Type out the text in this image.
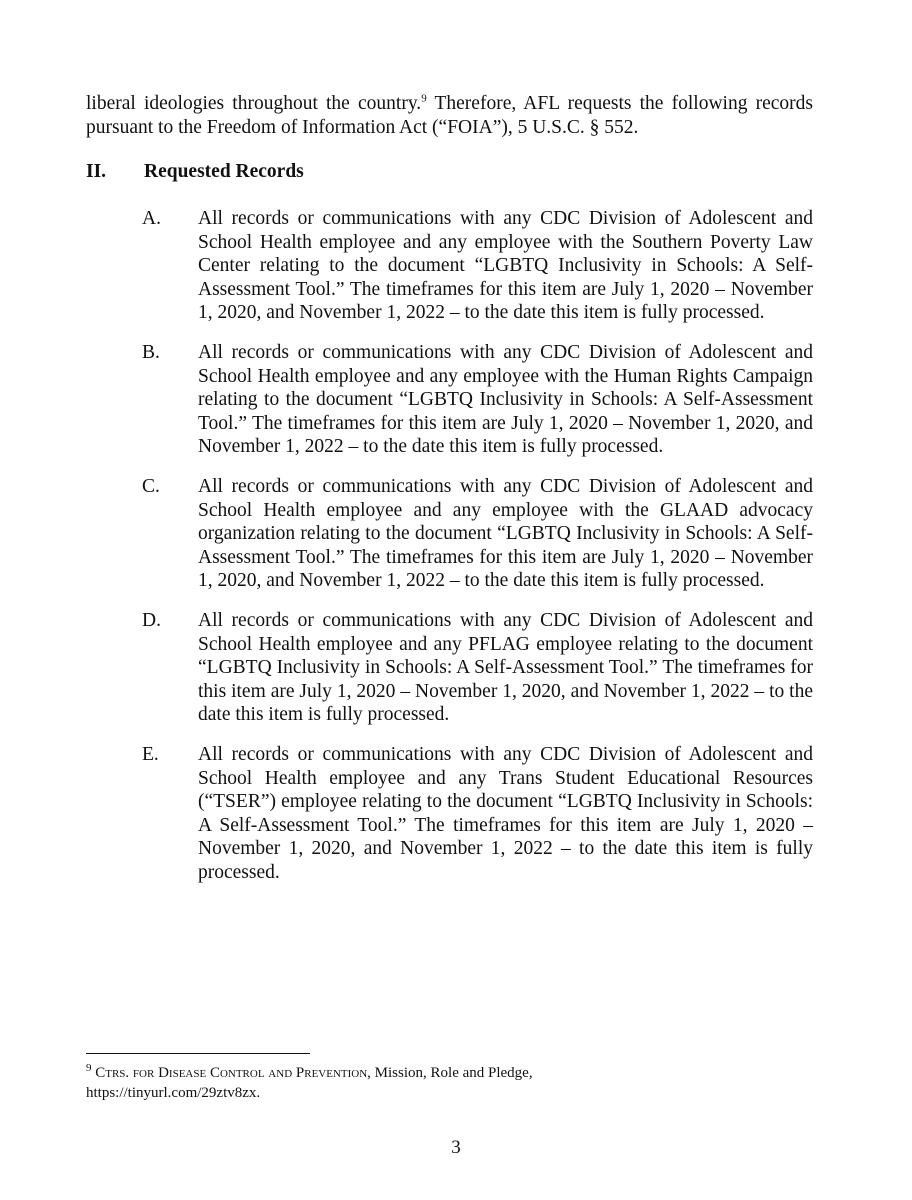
liberal ideologies throughout the country.$^9$ Therefore, AFL requests the following records pursuant to the Freedom of Information Act (“FOIA”), 5 U.S.C. § 552.

II. Requested Records
A. All records or communications with any CDC Division of Adolescent and School Health employee and any employee with the Southern Poverty Law Center relating to the document “LGBTQ Inclusivity in Schools: A Self-Assessment Tool.” The timeframes for this item are July 1, 2020 – November 1, 2020, and November 1, 2022 – to the date this item is fully processed.
B. All records or communications with any CDC Division of Adolescent and School Health employee and any employee with the Human Rights Campaign relating to the document “LGBTQ Inclusivity in Schools: A Self-Assessment Tool.” The timeframes for this item are July 1, 2020 – November 1, 2020, and November 1, 2022 – to the date this item is fully processed.
C. All records or communications with any CDC Division of Adolescent and School Health employee and any employee with the GLAAD advocacy organization relating to the document “LGBTQ Inclusivity in Schools: A Self-Assessment Tool.” The timeframes for this item are July 1, 2020 – November 1, 2020, and November 1, 2022 – to the date this item is fully processed.
D. All records or communications with any CDC Division of Adolescent and School Health employee and any PFLAG employee relating to the document “LGBTQ Inclusivity in Schools: A Self-Assessment Tool.” The timeframes for this item are July 1, 2020 – November 1, 2020, and November 1, 2022 – to the date this item is fully processed.
E. All records or communications with any CDC Division of Adolescent and School Health employee and any Trans Student Educational Resources (“TSER”) employee relating to the document “LGBTQ Inclusivity in Schools: A Self-Assessment Tool.” The timeframes for this item are July 1, 2020 – November 1, 2020, and November 1, 2022 – to the date this item is fully processed.
$^9$ Ctrs. for Disease Control and Prevention, Mission, Role and Pledge,
https://tinyurl.com/29ztv8zx.
3
